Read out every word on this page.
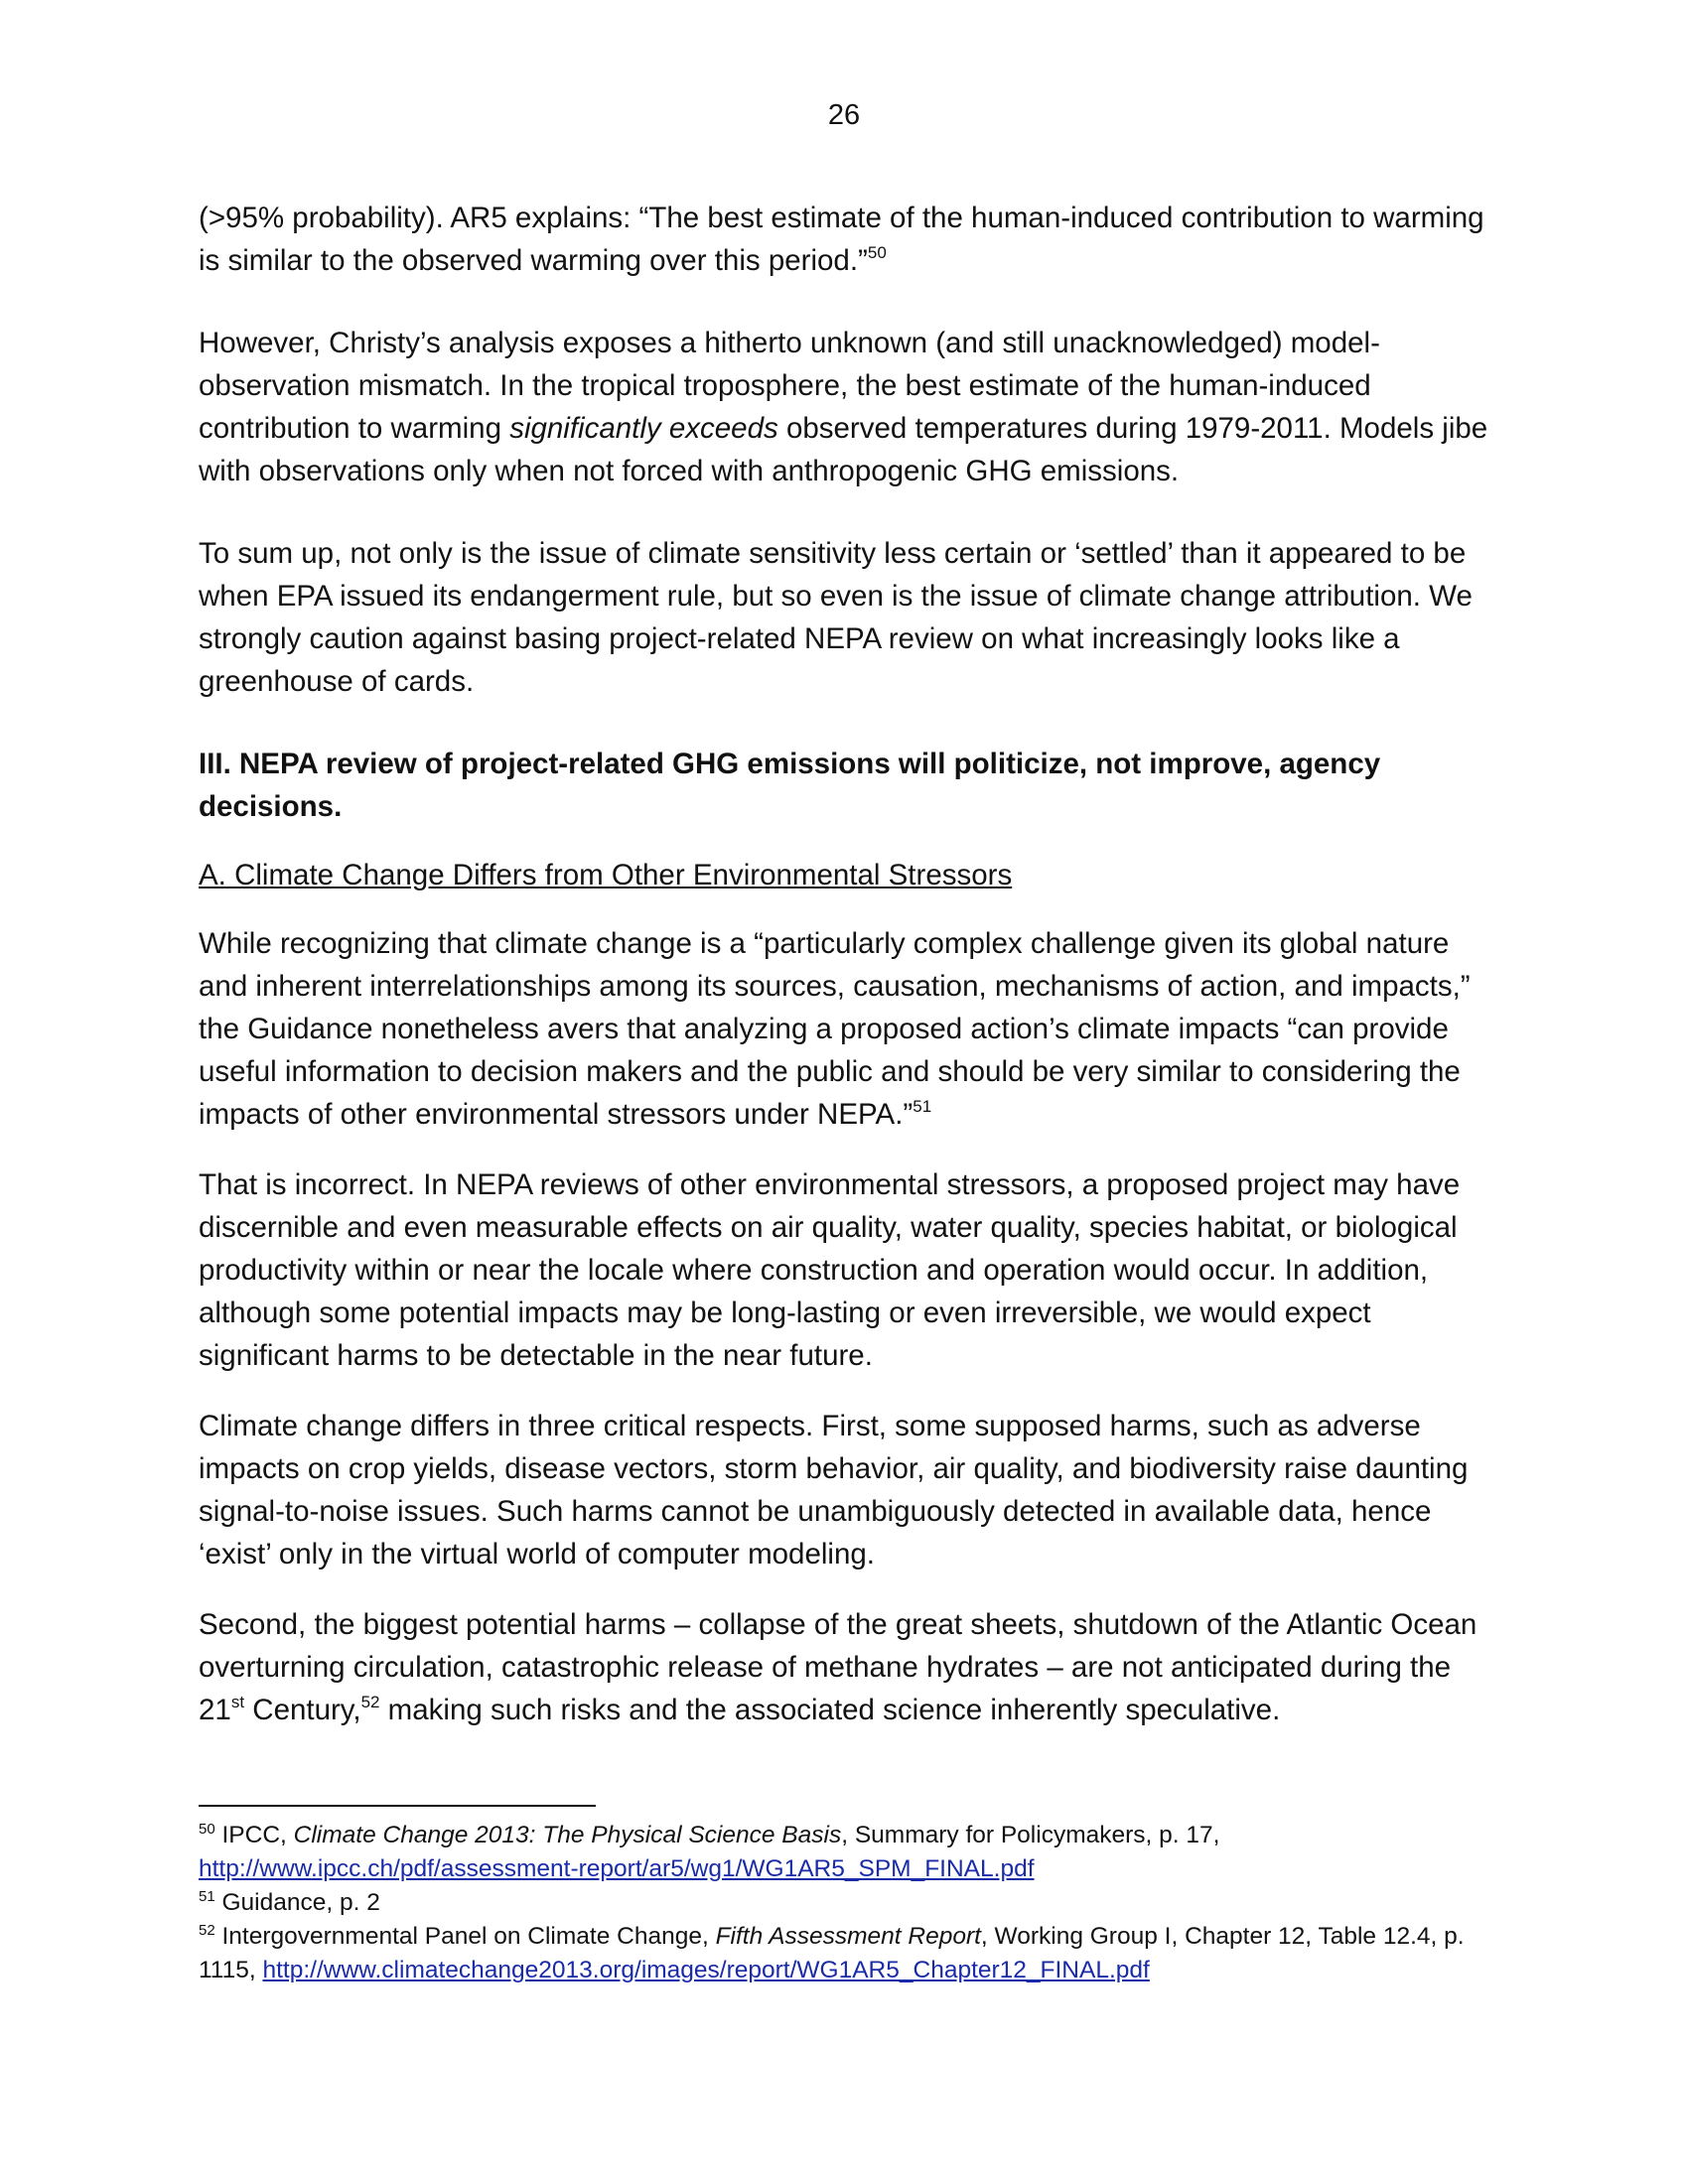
26

(>95% probability). AR5 explains: “The best estimate of the human-induced contribution to warming is similar to the observed warming over this period.”$^{50}$

However, Christy’s analysis exposes a hitherto unknown (and still unacknowledged) model-observation mismatch. In the tropical troposphere, the best estimate of the human-induced contribution to warming significantly exceeds observed temperatures during 1979-2011. Models jibe with observations only when not forced with anthropogenic GHG emissions.

To sum up, not only is the issue of climate sensitivity less certain or ‘settled’ than it appeared to be when EPA issued its endangerment rule, but so even is the issue of climate change attribution. We strongly caution against basing project-related NEPA review on what increasingly looks like a greenhouse of cards.

III. NEPA review of project-related GHG emissions will politicize, not improve, agency decisions.

A. Climate Change Differs from Other Environmental Stressors

While recognizing that climate change is a “particularly complex challenge given its global nature and inherent interrelationships among its sources, causation, mechanisms of action, and impacts,” the Guidance nonetheless avers that analyzing a proposed action’s climate impacts “can provide useful information to decision makers and the public and should be very similar to considering the impacts of other environmental stressors under NEPA.”$^{51}$

That is incorrect. In NEPA reviews of other environmental stressors, a proposed project may have discernible and even measurable effects on air quality, water quality, species habitat, or biological productivity within or near the locale where construction and operation would occur. In addition, although some potential impacts may be long-lasting or even irreversible, we would expect significant harms to be detectable in the near future.

Climate change differs in three critical respects. First, some supposed harms, such as adverse impacts on crop yields, disease vectors, storm behavior, air quality, and biodiversity raise daunting signal-to-noise issues. Such harms cannot be unambiguously detected in available data, hence ‘exist’ only in the virtual world of computer modeling.

Second, the biggest potential harms – collapse of the great sheets, shutdown of the Atlantic Ocean overturning circulation, catastrophic release of methane hydrates – are not anticipated during the 21st Century,$^{52}$ making such risks and the associated science inherently speculative.

$^{50}$ IPCC, Climate Change 2013: The Physical Science Basis, Summary for Policymakers, p. 17,
http://www.ipcc.ch/pdf/assessment-report/ar5/wg1/WG1AR5_SPM_FINAL.pdf

$^{51}$ Guidance, p. 2

$^{52}$ Intergovernmental Panel on Climate Change, Fifth Assessment Report, Working Group I, Chapter 12, Table 12.4, p. 1115, http://www.climatechange2013.org/images/report/WG1AR5_Chapter12_FINAL.pdf
